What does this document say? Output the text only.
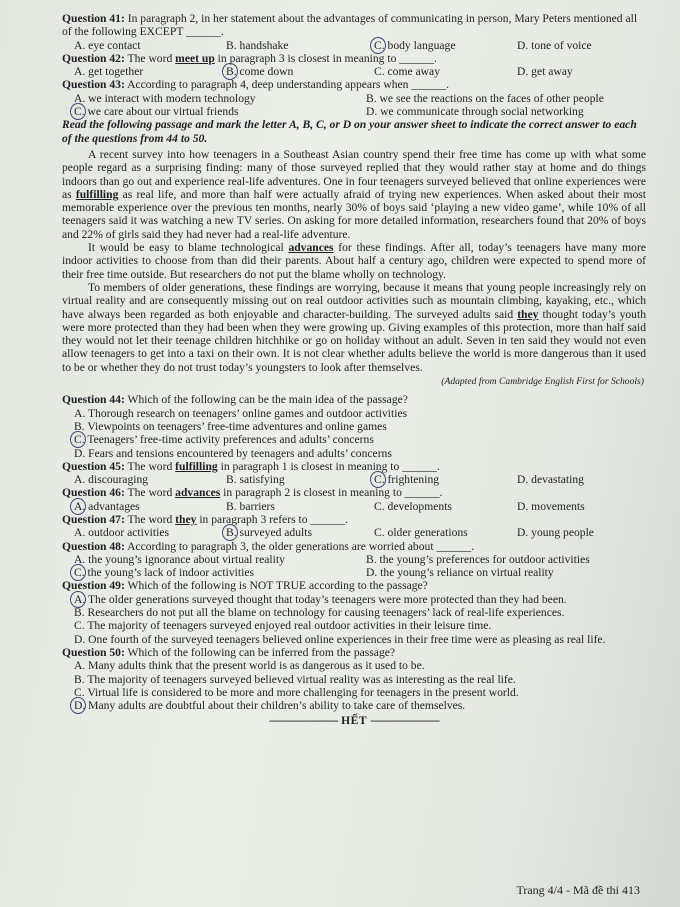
Question 41: In paragraph 2, in her statement about the advantages of communicating in person, Mary Peters mentioned all of the following EXCEPT ______.

A. eye contact	B. handshake	C. body language	D. tone of voice

Question 42: The word meet up in paragraph 3 is closest in meaning to ______.

A. get together	B. come down	C. come away	D. get away

Question 43: According to paragraph 4, deep understanding appears when ______.

A. we interact with modern technology	B. we see the reactions on the faces of other people
C. we care about our virtual friends	D. we communicate through social networking

Read the following passage and mark the letter A, B, C, or D on your answer sheet to indicate the correct answer to each of the questions from 44 to 50.

A recent survey into how teenagers in a Southeast Asian country spend their free time has come up with what some people regard as a surprising finding: many of those surveyed replied that they would rather stay at home and do things indoors than go out and experience real-life adventures. One in four teenagers surveyed believed that online experiences were as fulfilling as real life, and more than half were actually afraid of trying new experiences. When asked about their most memorable experience over the previous ten months, nearly 30% of boys said ‘playing a new video game’, while 10% of all teenagers said it was watching a new TV series. On asking for more detailed information, researchers found that 20% of boys and 22% of girls said they had never had a real-life adventure.

It would be easy to blame technological advances for these findings. After all, today’s teenagers have many more indoor activities to choose from than did their parents. About half a century ago, children were expected to spend more of their free time outside. But researchers do not put the blame wholly on technology.

To members of older generations, these findings are worrying, because it means that young people increasingly rely on virtual reality and are consequently missing out on real outdoor activities such as mountain climbing, kayaking, etc., which have always been regarded as both enjoyable and character-building. The surveyed adults said they thought today’s youth were more protected than they had been when they were growing up. Giving examples of this protection, more than half said they would not let their teenage children hitchhike or go on holiday without an adult. Seven in ten said they would not even allow teenagers to get into a taxi on their own. It is not clear whether adults believe the world is more dangerous than it used to be or whether they do not trust today’s youngsters to look after themselves.

(Adapted from Cambridge English First for Schools)

Question 44: Which of the following can be the main idea of the passage?

A. Thorough research on teenagers’ online games and outdoor activities
B. Viewpoints on teenagers’ free-time adventures and online games
C. Teenagers’ free-time activity preferences and adults’ concerns
D. Fears and tensions encountered by teenagers and adults’ concerns

Question 45: The word fulfilling in paragraph 1 is closest in meaning to ______.

A. discouraging	B. satisfying	C. frightening	D. devastating

Question 46: The word advances in paragraph 2 is closest in meaning to ______.

A. advantages	B. barriers	C. developments	D. movements

Question 47: The word they in paragraph 3 refers to ______.

A. outdoor activities	B. surveyed adults	C. older generations	D. young people

Question 48: According to paragraph 3, the older generations are worried about ______.

A. the young’s ignorance about virtual reality	B. the young’s preferences for outdoor activities
C. the young’s lack of indoor activities	D. the young’s reliance on virtual reality

Question 49: Which of the following is NOT TRUE according to the passage?

A. The older generations surveyed thought that today’s teenagers were more protected than they had been.
B. Researchers do not put all the blame on technology for causing teenagers’ lack of real-life experiences.
C. The majority of teenagers surveyed enjoyed real outdoor activities in their leisure time.
D. One fourth of the surveyed teenagers believed online experiences in their free time were as pleasing as real life.

Question 50: Which of the following can be inferred from the passage?

A. Many adults think that the present world is as dangerous as it used to be.
B. The majority of teenagers surveyed believed virtual reality was as interesting as the real life.
C. Virtual life is considered to be more and more challenging for teenagers in the present world.
D. Many adults are doubtful about their children’s ability to take care of themselves.
------------------------ HẾT ------------------------
Trang 4/4 - Mã đề thi 413
